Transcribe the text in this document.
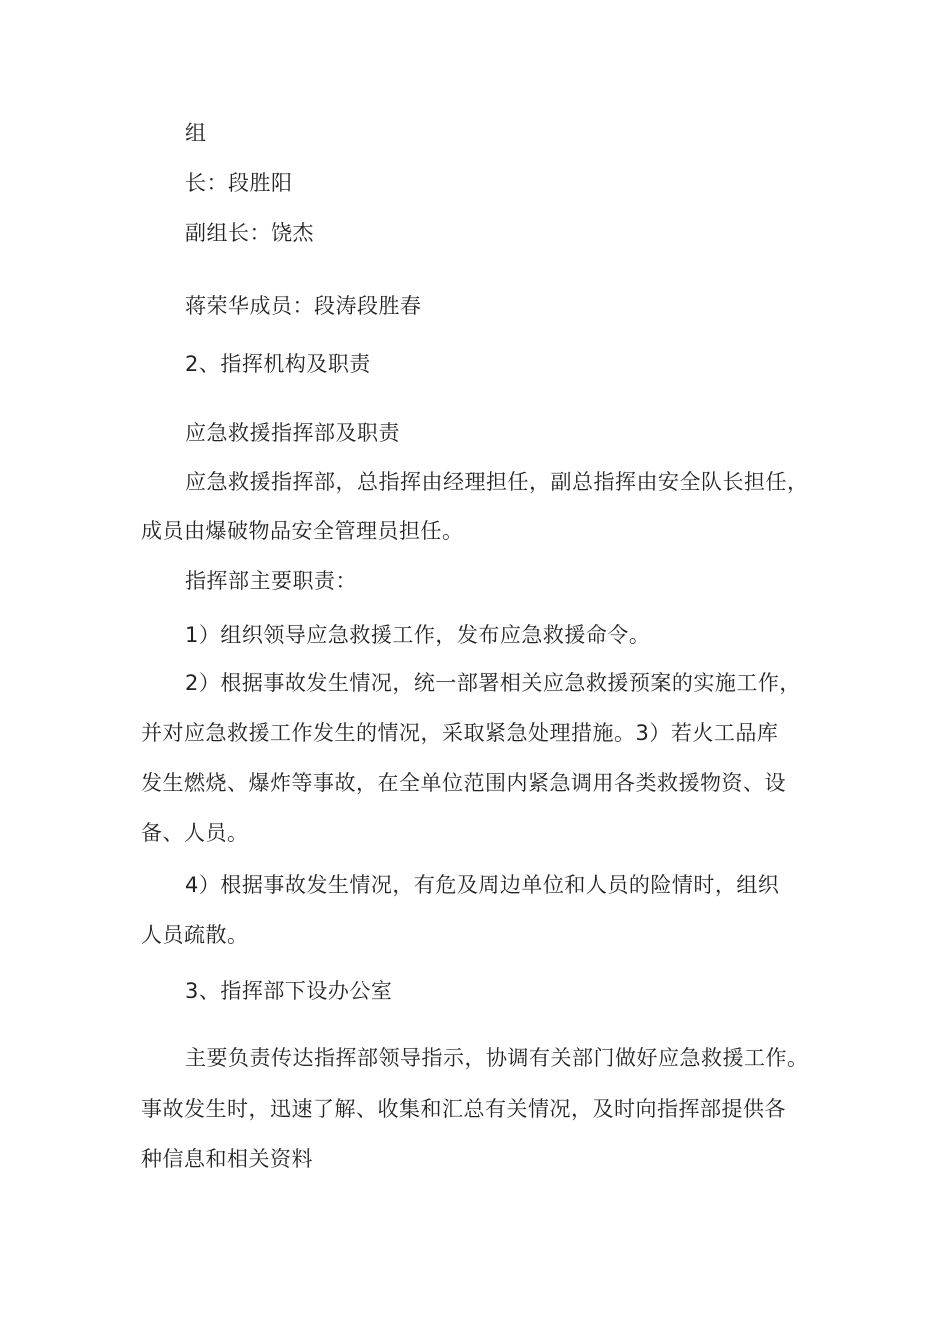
组
长：段胜阳
副组长：饶杰
蒋荣华成员：段涛段胜春
2、指挥机构及职责
应急救援指挥部及职责
应急救援指挥部，总指挥由经理担任，副总指挥由安全队长担任，
成员由爆破物品安全管理员担任。
指挥部主要职责：
1）组织领导应急救援工作，发布应急救援命令。
2）根据事故发生情况，统一部署相关应急救援预案的实施工作，
并对应急救援工作发生的情况，采取紧急处理措施。3）若火工品库
发生燃烧、爆炸等事故，在全单位范围内紧急调用各类救援物资、设
备、人员。
4）根据事故发生情况，有危及周边单位和人员的险情时，组织
人员疏散。
3、指挥部下设办公室
主要负责传达指挥部领导指示，协调有关部门做好应急救援工作。
事故发生时，迅速了解、收集和汇总有关情况，及时向指挥部提供各
种信息和相关资料
